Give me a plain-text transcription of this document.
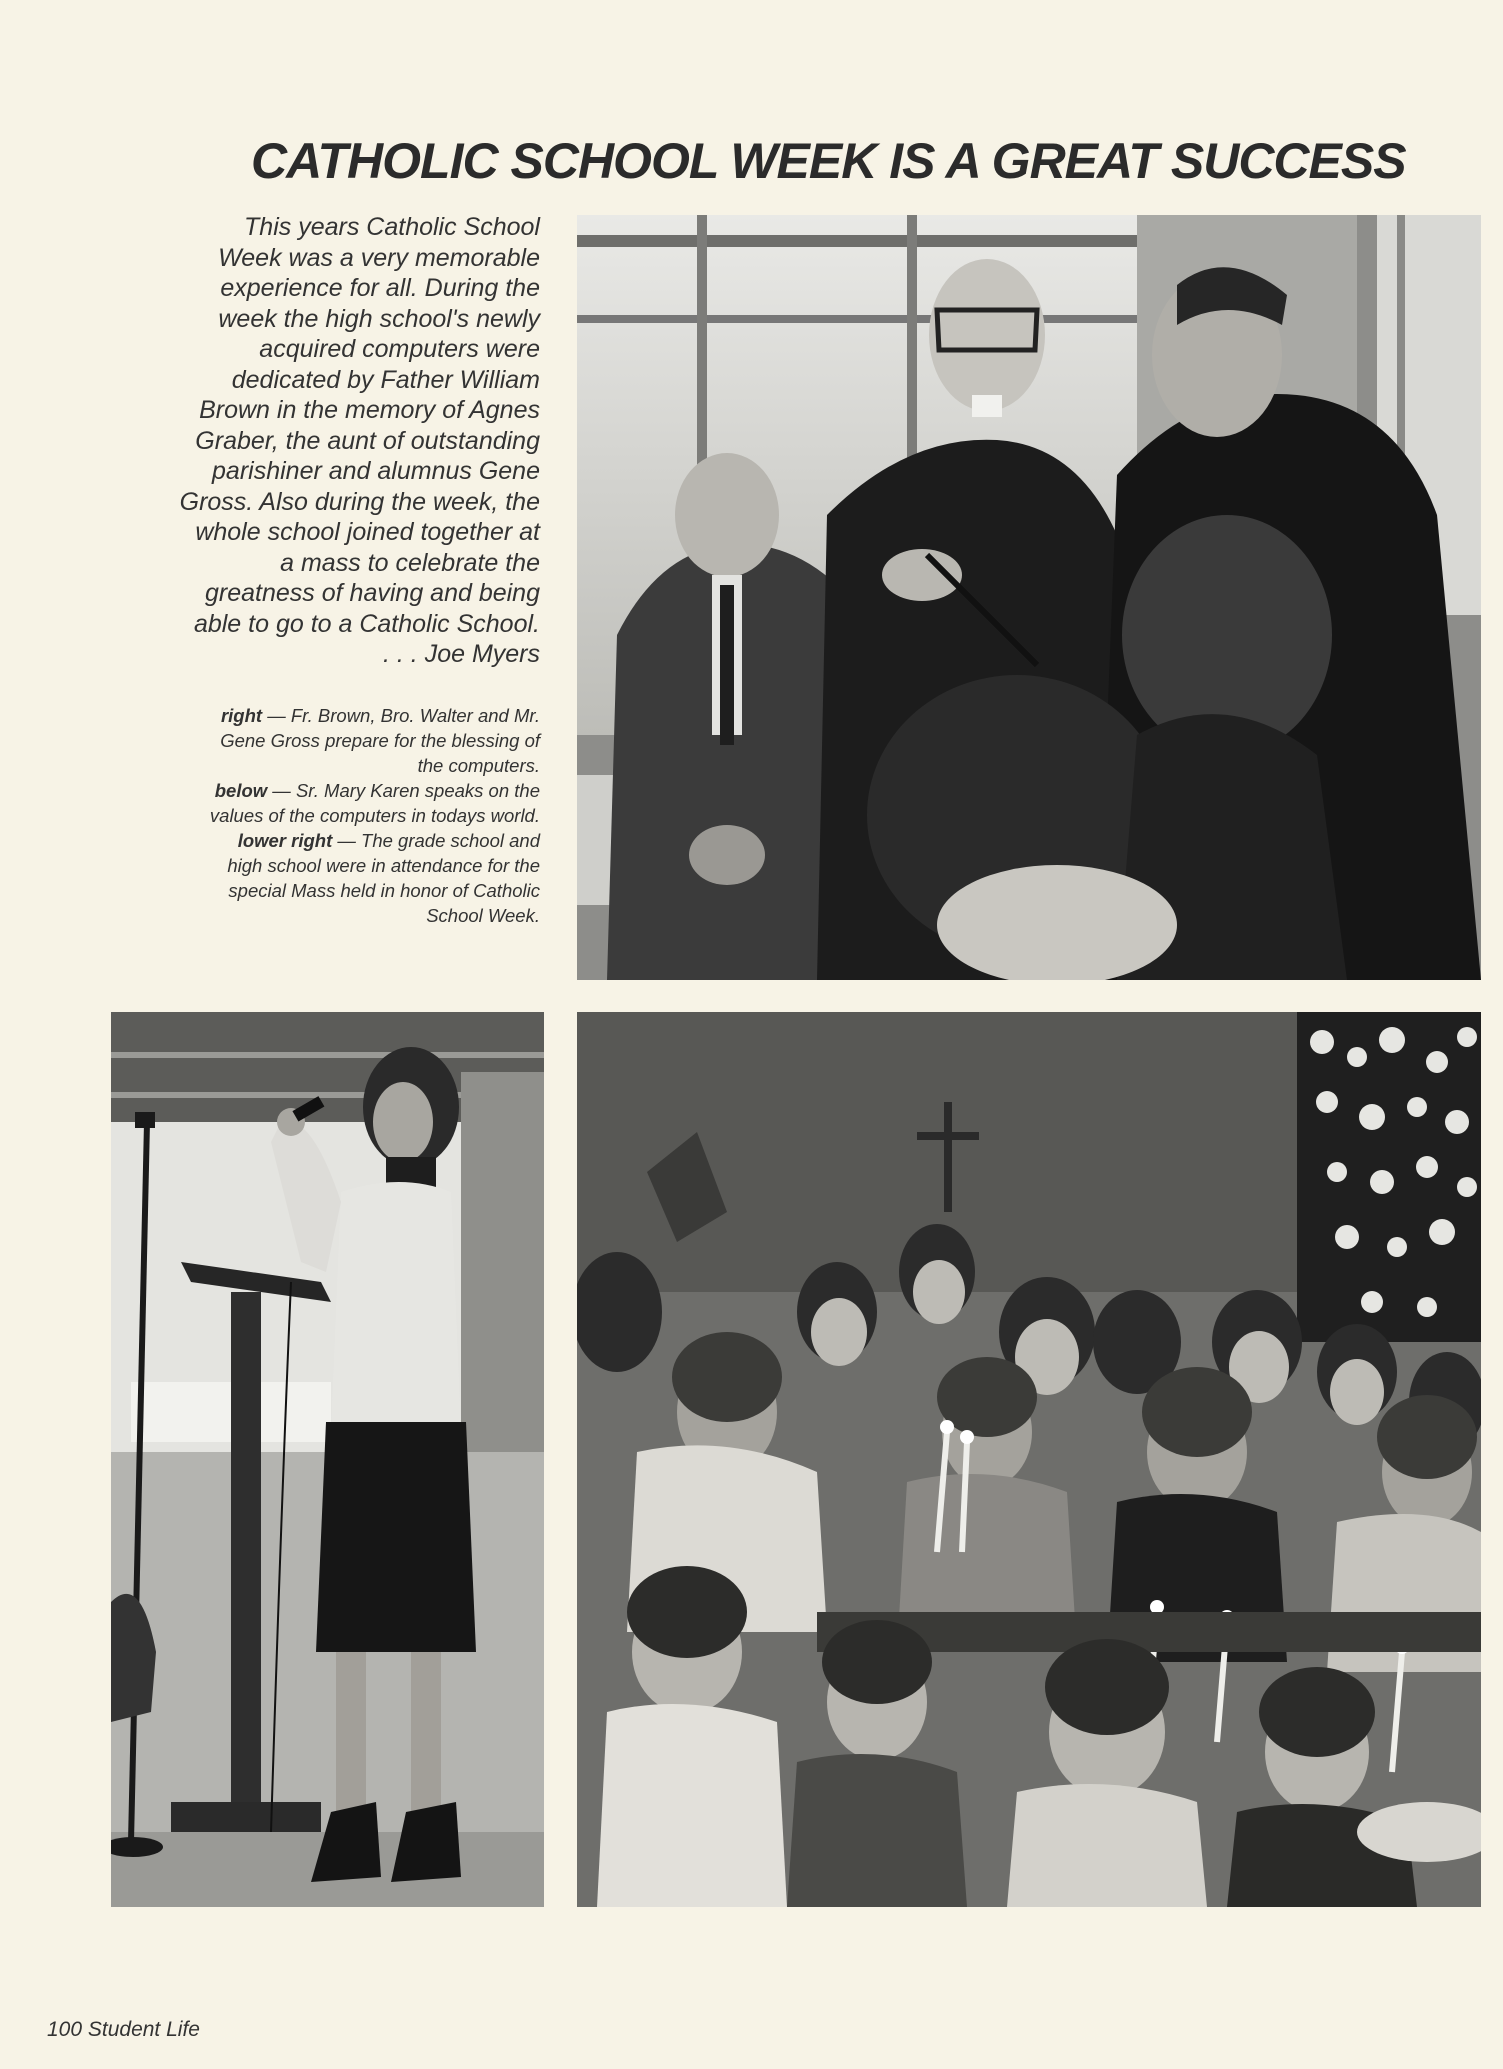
CATHOLIC SCHOOL WEEK IS A GREAT SUCCESS

This years Catholic School

Week was a very memorable

experience for all. During the

week the high school's newly

acquired computers were

dedicated by Father William

Brown in the memory of Agnes

Graber, the aunt of outstanding

parishiner and alumnus Gene

Gross. Also during the week, the

whole school joined together at

a mass to celebrate the

greatness of having and being

able to go to a Catholic School.

. . . Joe Myers

right — Fr. Brown, Bro. Walter and Mr.

Gene Gross prepare for the blessing of

the computers.

below — Sr. Mary Karen speaks on the

values of the computers in todays world.

lower right — The grade school and

high school were in attendance for the

special Mass held in honor of Catholic

School Week.

100 Student Life
